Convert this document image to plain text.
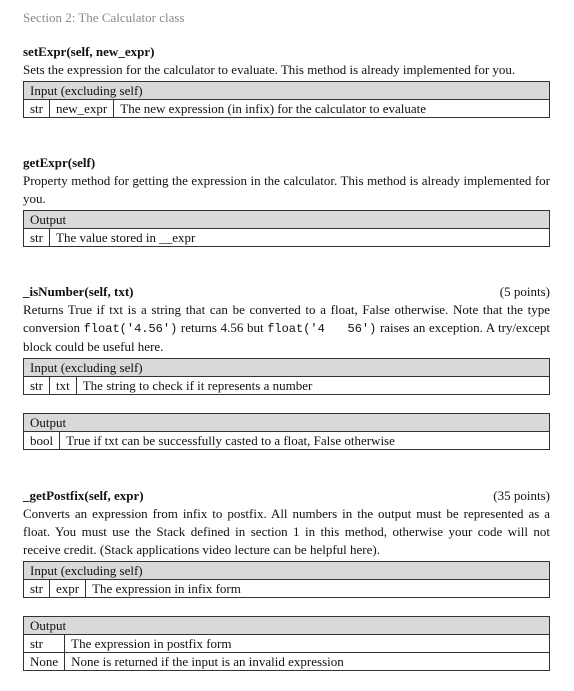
Section 2: The Calculator class
setExpr(self, new_expr)
Sets the expression for the calculator to evaluate. This method is already implemented for you.
Input (excluding self)
str	new_expr	The new expression (in infix) for the calculator to evaluate
getExpr(self)
Property method for getting the expression in the calculator. This method is already implemented for you.
Output
str	The value stored in __expr
_isNumber(self, txt)	(5 points)
Returns True if txt is a string that can be converted to a float, False otherwise. Note that the type conversion float('4.56') returns 4.56 but float('4   56') raises an exception. A try/except block could be useful here.
Input (excluding self)
str	txt	The string to check if it represents a number
Output
bool	True if txt can be successfully casted to a float, False otherwise
_getPostfix(self, expr)	(35 points)
Converts an expression from infix to postfix. All numbers in the output must be represented as a float. You must use the Stack defined in section 1 in this method, otherwise your code will not receive credit. (Stack applications video lecture can be helpful here).
Input (excluding self)
str	expr	The expression in infix form
Output	
str	The expression in postfix form
None	None is returned if the input is an invalid expression
